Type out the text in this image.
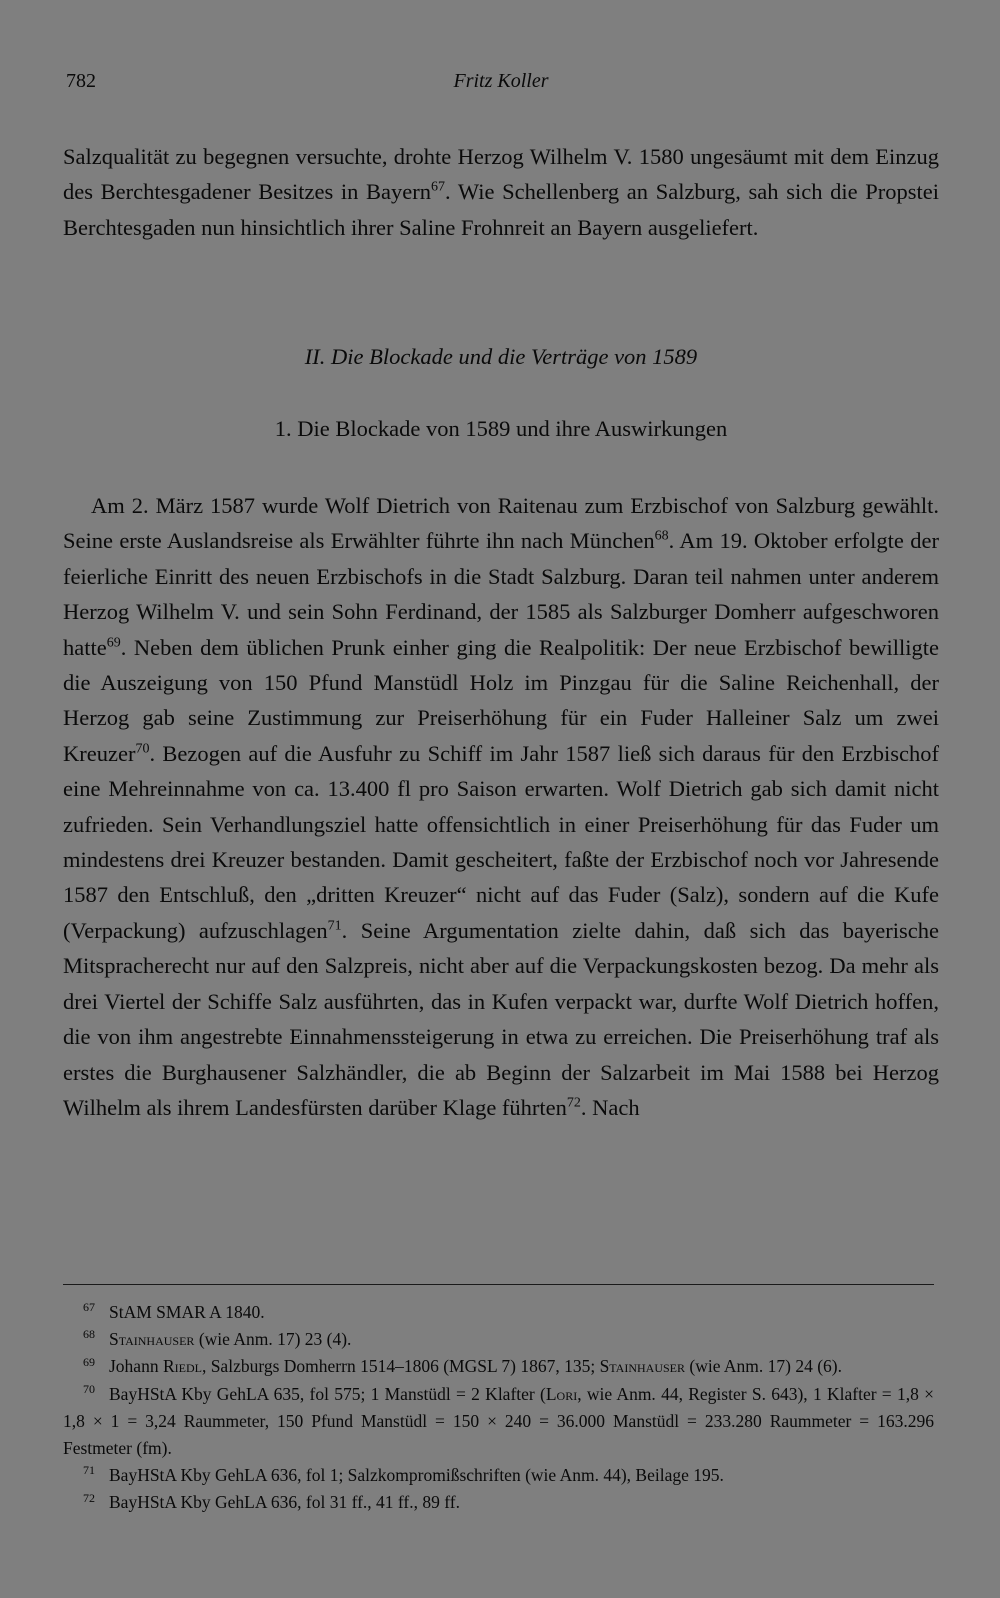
782	Fritz Koller

Salzqualität zu begegnen versuchte, drohte Herzog Wilhelm V. 1580 ungesäumt mit dem Einzug des Berchtesgadener Besitzes in Bayern$^{67}$. Wie Schellenberg an Salzburg, sah sich die Propstei Berchtesgaden nun hinsichtlich ihrer Saline Frohnreit an Bayern ausgeliefert.

II. Die Blockade und die Verträge von 1589
1. Die Blockade von 1589 und ihre Auswirkungen

Am 2. März 1587 wurde Wolf Dietrich von Raitenau zum Erzbischof von Salzburg gewählt. Seine erste Auslandsreise als Erwählter führte ihn nach München$^{68}$. Am 19. Oktober erfolgte der feierliche Einritt des neuen Erzbischofs in die Stadt Salzburg. Daran teil nahmen unter anderem Herzog Wilhelm V. und sein Sohn Ferdinand, der 1585 als Salzburger Domherr aufgeschworen hatte$^{69}$. Neben dem üblichen Prunk einher ging die Realpolitik: Der neue Erzbischof bewilligte die Auszeigung von 150 Pfund Manstüdl Holz im Pinzgau für die Saline Reichenhall, der Herzog gab seine Zustimmung zur Preiserhöhung für ein Fuder Halleiner Salz um zwei Kreuzer$^{70}$. Bezogen auf die Ausfuhr zu Schiff im Jahr 1587 ließ sich daraus für den Erzbischof eine Mehreinnahme von ca. 13.400 fl pro Saison erwarten. Wolf Dietrich gab sich damit nicht zufrieden. Sein Verhandlungsziel hatte offensichtlich in einer Preiserhöhung für das Fuder um mindestens drei Kreuzer bestanden. Damit gescheitert, faßte der Erzbischof noch vor Jahresende 1587 den Entschluß, den „dritten Kreuzer“ nicht auf das Fuder (Salz), sondern auf die Kufe (Verpackung) aufzuschlagen$^{71}$. Seine Argumentation zielte dahin, daß sich das bayerische Mitspracherecht nur auf den Salzpreis, nicht aber auf die Verpackungskosten bezog. Da mehr als drei Viertel der Schiffe Salz ausführten, das in Kufen verpackt war, durfte Wolf Dietrich hoffen, die von ihm angestrebte Einnahmenssteigerung in etwa zu erreichen. Die Preiserhöhung traf als erstes die Burghausener Salzhändler, die ab Beginn der Salzarbeit im Mai 1588 bei Herzog Wilhelm als ihrem Landesfürsten darüber Klage führten$^{72}$. Nach

$^{67}$ StAM SMAR A 1840.

$^{68}$ Stainhauser (wie Anm. 17) 23 (4).

$^{69}$ Johann Riedl, Salzburgs Domherrn 1514–1806 (MGSL 7) 1867, 135; Stainhauser (wie Anm. 17) 24 (6).

$^{70}$ BayHStA Kby GehLA 635, fol 575; 1 Manstüdl = 2 Klafter (Lori, wie Anm. 44, Register S. 643), 1 Klafter = 1,8 × 1,8 × 1 = 3,24 Raummeter, 150 Pfund Manstüdl = 150 × 240 = 36.000 Manstüdl = 233.280 Raummeter = 163.296 Festmeter (fm).

$^{71}$ BayHStA Kby GehLA 636, fol 1; Salzkompromißschriften (wie Anm. 44), Beilage 195.

$^{72}$ BayHStA Kby GehLA 636, fol 31 ff., 41 ff., 89 ff.
